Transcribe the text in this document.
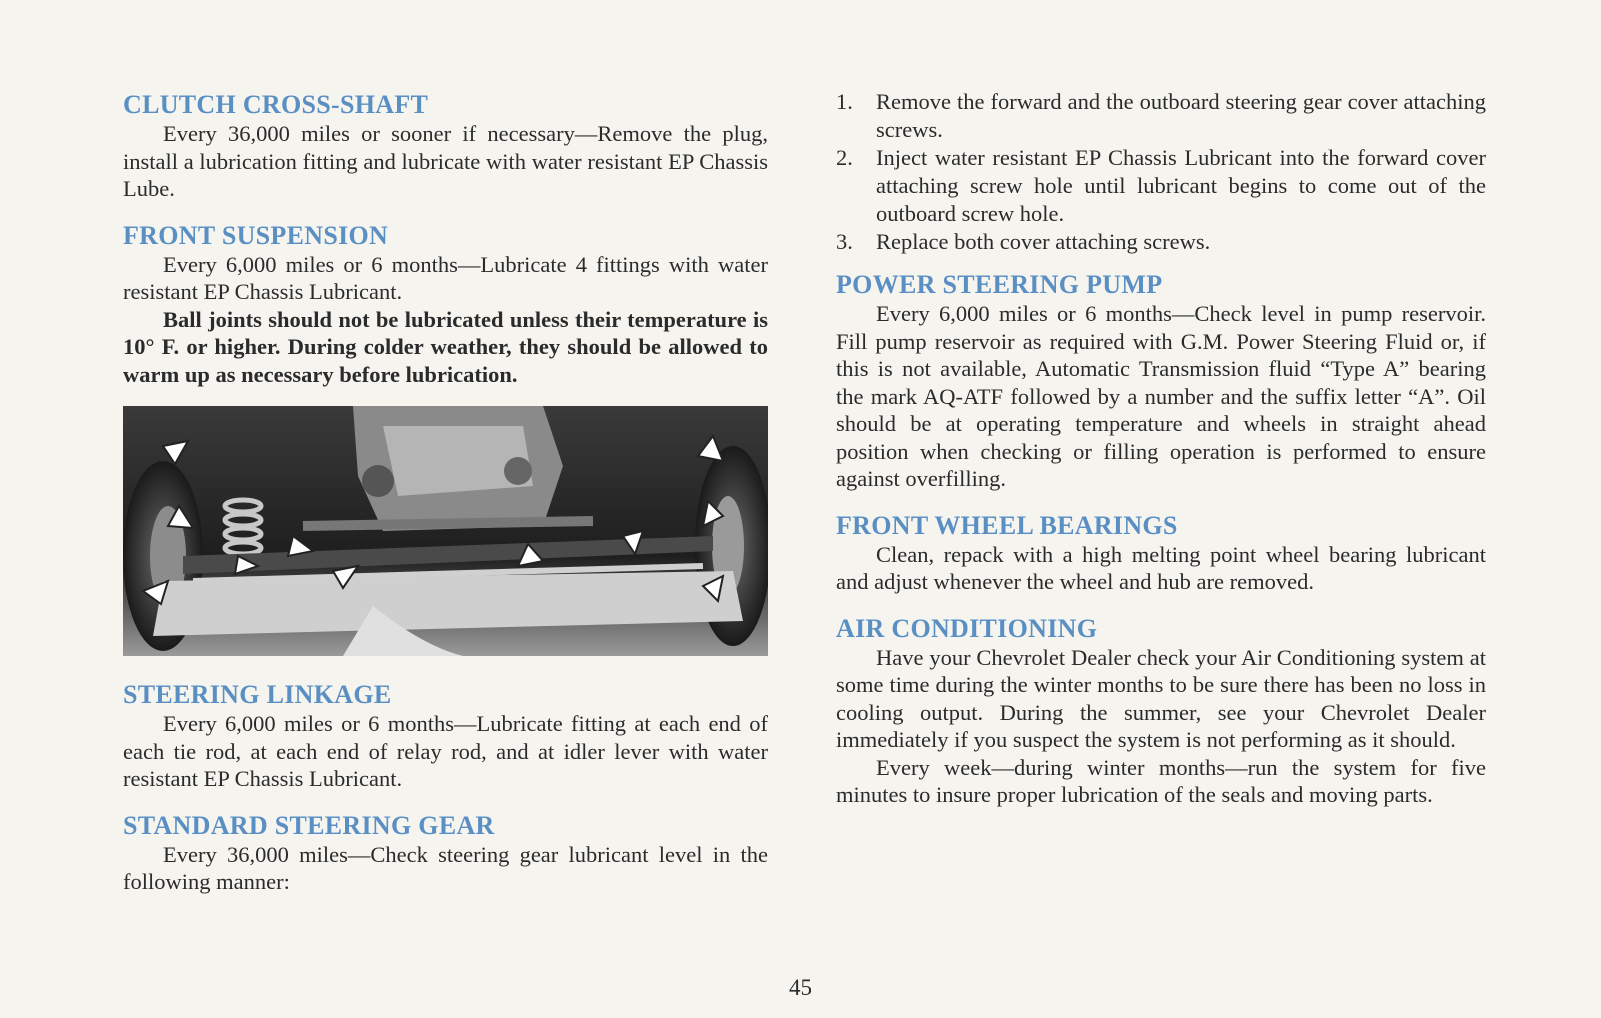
CLUTCH CROSS-SHAFT

Every 36,000 miles or sooner if necessary—Remove the plug, install a lubrication fitting and lubricate with water resistant EP Chassis Lube.

FRONT SUSPENSION

Every 6,000 miles or 6 months—Lubricate 4 fittings with water resistant EP Chassis Lubricant.

Ball joints should not be lubricated unless their temperature is 10° F. or higher. During colder weather, they should be allowed to warm up as necessary before lubrication.

STEERING LINKAGE

Every 6,000 miles or 6 months—Lubricate fitting at each end of each tie rod, at each end of relay rod, and at idler lever with water resistant EP Chassis Lubricant.

STANDARD STEERING GEAR

Every 36,000 miles—Check steering gear lubricant level in the following manner:

1. Remove the forward and the outboard steering gear cover attaching screws.
2. Inject water resistant EP Chassis Lubricant into the forward cover attaching screw hole until lubricant begins to come out of the outboard screw hole.
3. Replace both cover attaching screws.
POWER STEERING PUMP

Every 6,000 miles or 6 months—Check level in pump reservoir. Fill pump reservoir as required with G.M. Power Steering Fluid or, if this is not available, Automatic Transmission fluid “Type A” bearing the mark AQ-ATF followed by a number and the suffix letter “A”. Oil should be at operating temperature and wheels in straight ahead position when checking or filling operation is performed to ensure against overfilling.

FRONT WHEEL BEARINGS

Clean, repack with a high melting point wheel bearing lubricant and adjust whenever the wheel and hub are removed.

AIR CONDITIONING

Have your Chevrolet Dealer check your Air Conditioning system at some time during the winter months to be sure there has been no loss in cooling output. During the summer, see your Chevrolet Dealer immediately if you suspect the system is not performing as it should.

Every week—during winter months—run the system for five minutes to insure proper lubrication of the seals and moving parts.

45
